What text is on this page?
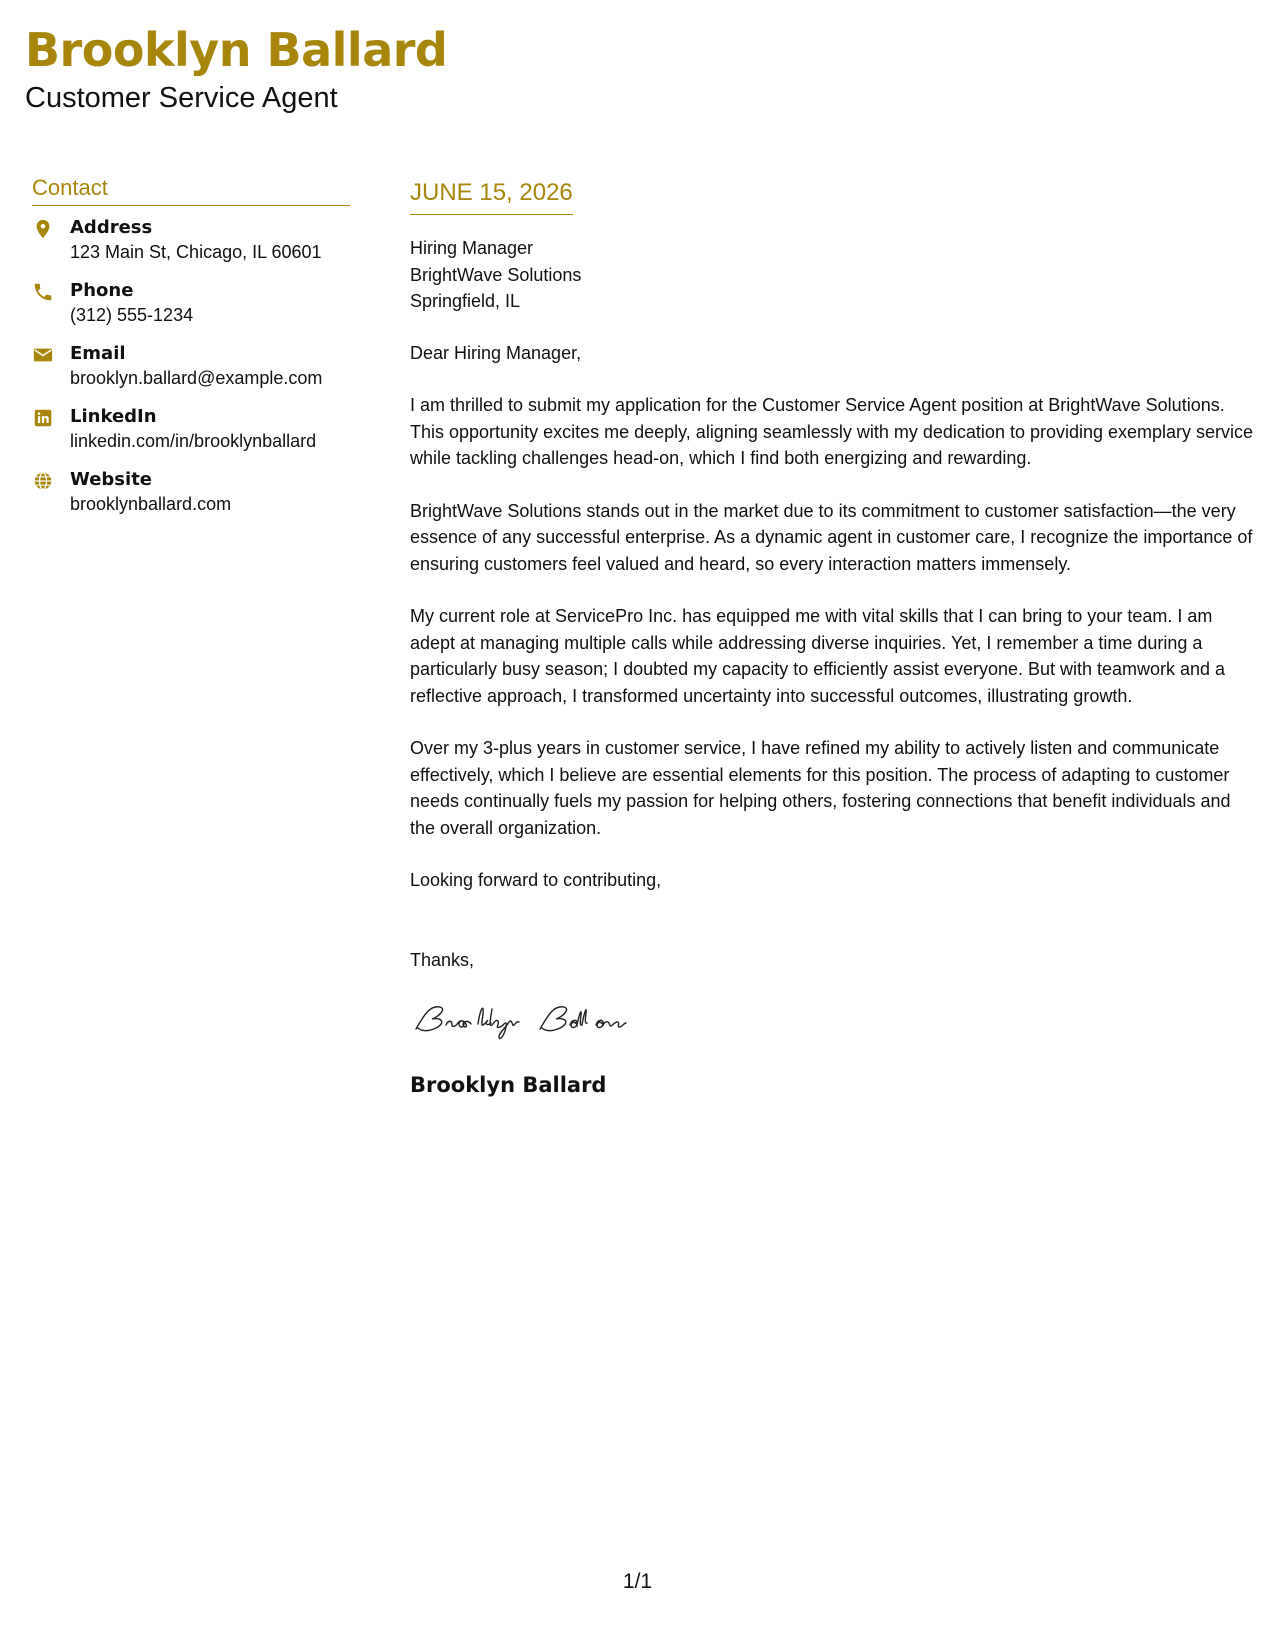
Brooklyn Ballard
Customer Service Agent
Contact
Address
123 Main St, Chicago, IL 60601
Phone
(312) 555-1234
Email
brooklyn.ballard@example.com
LinkedIn
linkedin.com/in/brooklynballard
Website
brooklynballard.com
JUNE 15, 2026
Hiring Manager
BrightWave Solutions
Springfield, IL

Dear Hiring Manager,

I am thrilled to submit my application for the Customer Service Agent position at BrightWave Solutions. This opportunity excites me deeply, aligning seamlessly with my dedication to providing exemplary service while tackling challenges head-on, which I find both energizing and rewarding.

BrightWave Solutions stands out in the market due to its commitment to customer satisfaction—the very essence of any successful enterprise. As a dynamic agent in customer care, I recognize the importance of ensuring customers feel valued and heard, so every interaction matters immensely.

My current role at ServicePro Inc. has equipped me with vital skills that I can bring to your team. I am adept at managing multiple calls while addressing diverse inquiries. Yet, I remember a time during a particularly busy season; I doubted my capacity to efficiently assist everyone. But with teamwork and a reflective approach, I transformed uncertainty into successful outcomes, illustrating growth.

Over my 3-plus years in customer service, I have refined my ability to actively listen and communicate effectively, which I believe are essential elements for this position. The process of adapting to customer needs continually fuels my passion for helping others, fostering connections that benefit individuals and the overall organization.

Looking forward to contributing,

Thanks,

Brooklyn Ballard
1/1
